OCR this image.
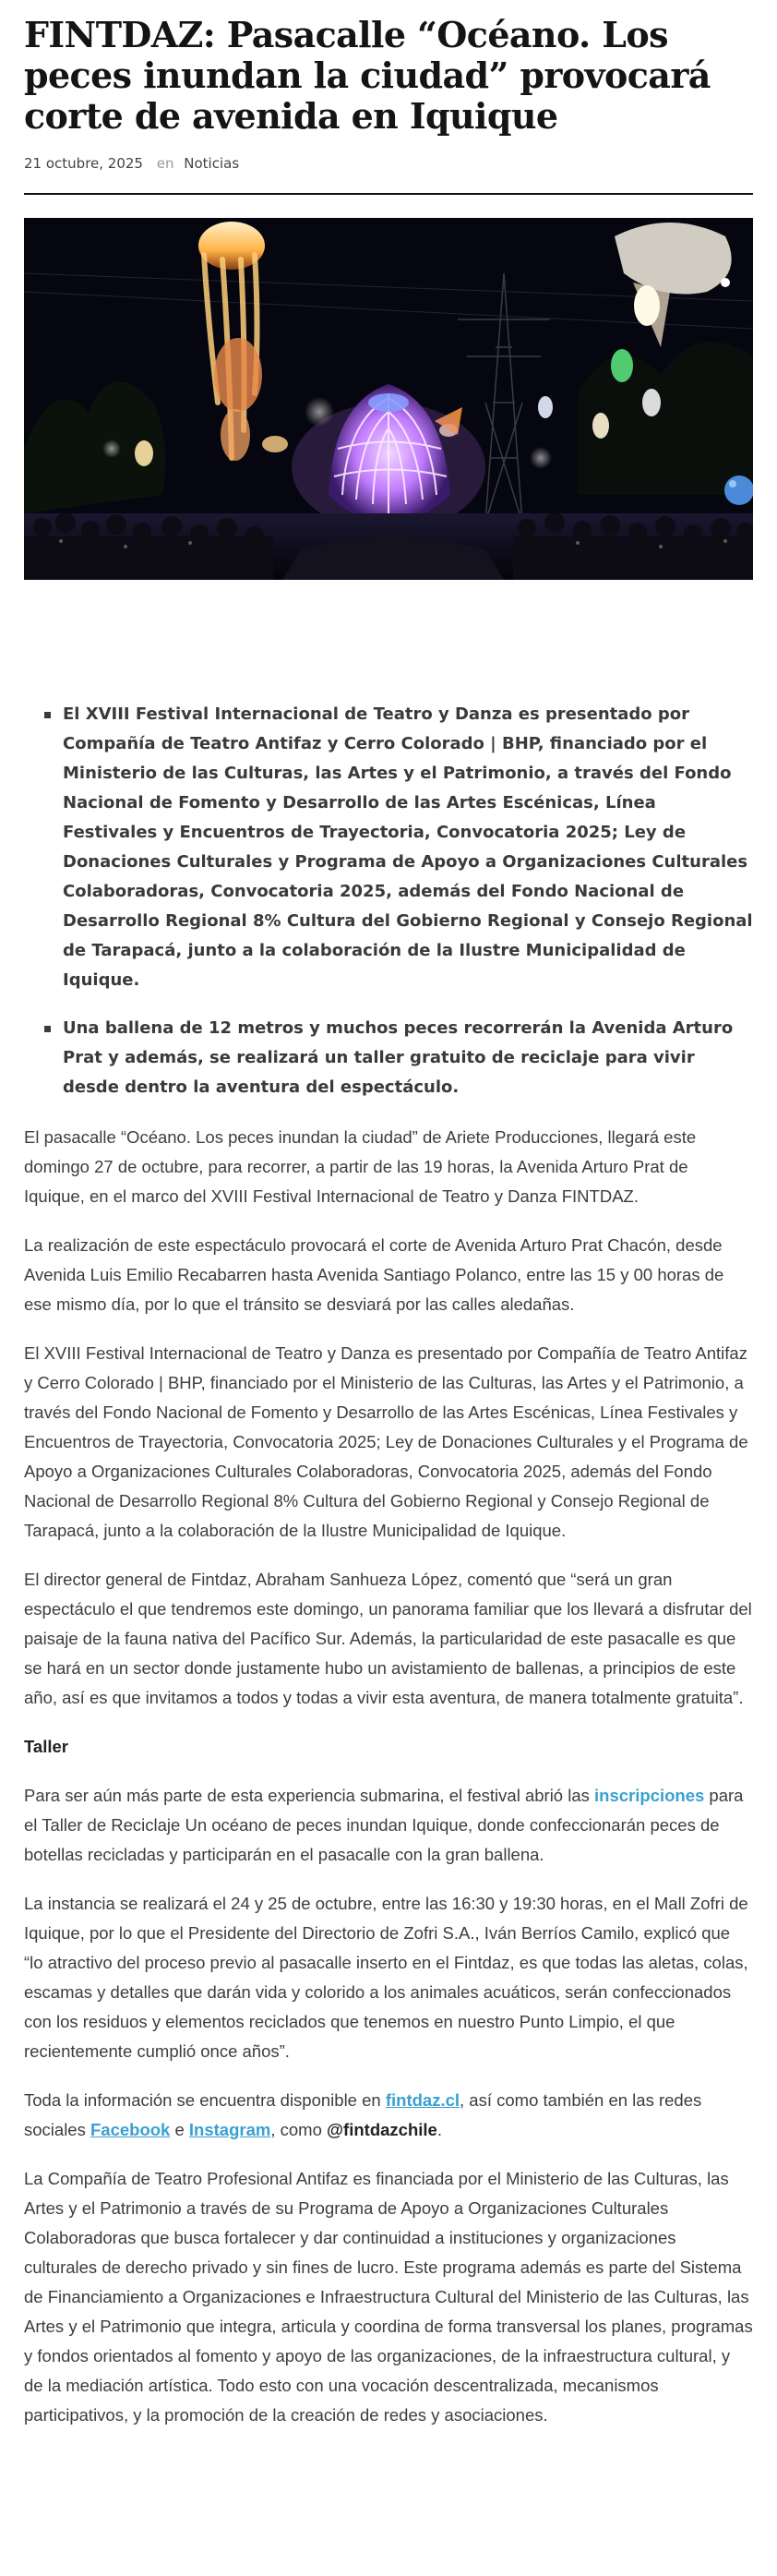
FINTDAZ: Pasacalle “Océano. Los peces inundan la ciudad” provocará corte de avenida en Iquique
21 octubre, 2025 en Noticias
El XVIII Festival Internacional de Teatro y Danza es presentado por Compañía de Teatro Antifaz y Cerro Colorado | BHP, financiado por el Ministerio de las Culturas, las Artes y el Patrimonio, a través del Fondo Nacional de Fomento y Desarrollo de las Artes Escénicas, Línea Festivales y Encuentros de Trayectoria, Convocatoria 2025; Ley de Donaciones Culturales y Programa de Apoyo a Organizaciones Culturales Colaboradoras, Convocatoria 2025, además del Fondo Nacional de Desarrollo Regional 8% Cultura del Gobierno Regional y Consejo Regional de Tarapacá, junto a la colaboración de la Ilustre Municipalidad de Iquique.
Una ballena de 12 metros y muchos peces recorrerán la Avenida Arturo Prat y además, se realizará un taller gratuito de reciclaje para vivir desde dentro la aventura del espectáculo.

El pasacalle “Océano. Los peces inundan la ciudad” de Ariete Producciones, llegará este domingo 27 de octubre, para recorrer, a partir de las 19 horas, la Avenida Arturo Prat de Iquique, en el marco del XVIII Festival Internacional de Teatro y Danza FINTDAZ.

La realización de este espectáculo provocará el corte de Avenida Arturo Prat Chacón, desde Avenida Luis Emilio Recabarren hasta Avenida Santiago Polanco, entre las 15 y 00 horas de ese mismo día, por lo que el tránsito se desviará por las calles aledañas.

El XVIII Festival Internacional de Teatro y Danza es presentado por Compañía de Teatro Antifaz y Cerro Colorado | BHP, financiado por el Ministerio de las Culturas, las Artes y el Patrimonio, a través del Fondo Nacional de Fomento y Desarrollo de las Artes Escénicas, Línea Festivales y Encuentros de Trayectoria, Convocatoria 2025; Ley de Donaciones Culturales y el Programa de Apoyo a Organizaciones Culturales Colaboradoras, Convocatoria 2025, además del Fondo Nacional de Desarrollo Regional 8% Cultura del Gobierno Regional y Consejo Regional de Tarapacá, junto a la colaboración de la Ilustre Municipalidad de Iquique.

El director general de Fintdaz, Abraham Sanhueza López, comentó que “será un gran espectáculo el que tendremos este domingo, un panorama familiar que los llevará a disfrutar del paisaje de la fauna nativa del Pacífico Sur. Además, la particularidad de este pasacalle es que se hará en un sector donde justamente hubo un avistamiento de ballenas, a principios de este año, así es que invitamos a todos y todas a vivir esta aventura, de manera totalmente gratuita”.

Taller

Para ser aún más parte de esta experiencia submarina, el festival abrió las inscripciones para el Taller de Reciclaje Un océano de peces inundan Iquique, donde confeccionarán peces de botellas recicladas y participarán en el pasacalle con la gran ballena.

La instancia se realizará el 24 y 25 de octubre, entre las 16:30 y 19:30 horas, en el Mall Zofri de Iquique, por lo que el Presidente del Directorio de Zofri S.A., Iván Berríos Camilo, explicó que “lo atractivo del proceso previo al pasacalle inserto en el Fintdaz, es que todas las aletas, colas, escamas y detalles que darán vida y colorido a los animales acuáticos, serán confeccionados con los residuos y elementos reciclados que tenemos en nuestro Punto Limpio, el que recientemente cumplió once años”.

Toda la información se encuentra disponible en fintdaz.cl, así como también en las redes sociales Facebook e Instagram, como @fintdazchile.

La Compañía de Teatro Profesional Antifaz es financiada por el Ministerio de las Culturas, las Artes y el Patrimonio a través de su Programa de Apoyo a Organizaciones Culturales Colaboradoras que busca fortalecer y dar continuidad a instituciones y organizaciones culturales de derecho privado y sin fines de lucro. Este programa además es parte del Sistema de Financiamiento a Organizaciones e Infraestructura Cultural del Ministerio de las Culturas, las Artes y el Patrimonio que integra, articula y coordina de forma transversal los planes, programas y fondos orientados al fomento y apoyo de las organizaciones, de la infraestructura cultural, y de la mediación artística. Todo esto con una vocación descentralizada, mecanismos participativos, y la promoción de la creación de redes y asociaciones.
